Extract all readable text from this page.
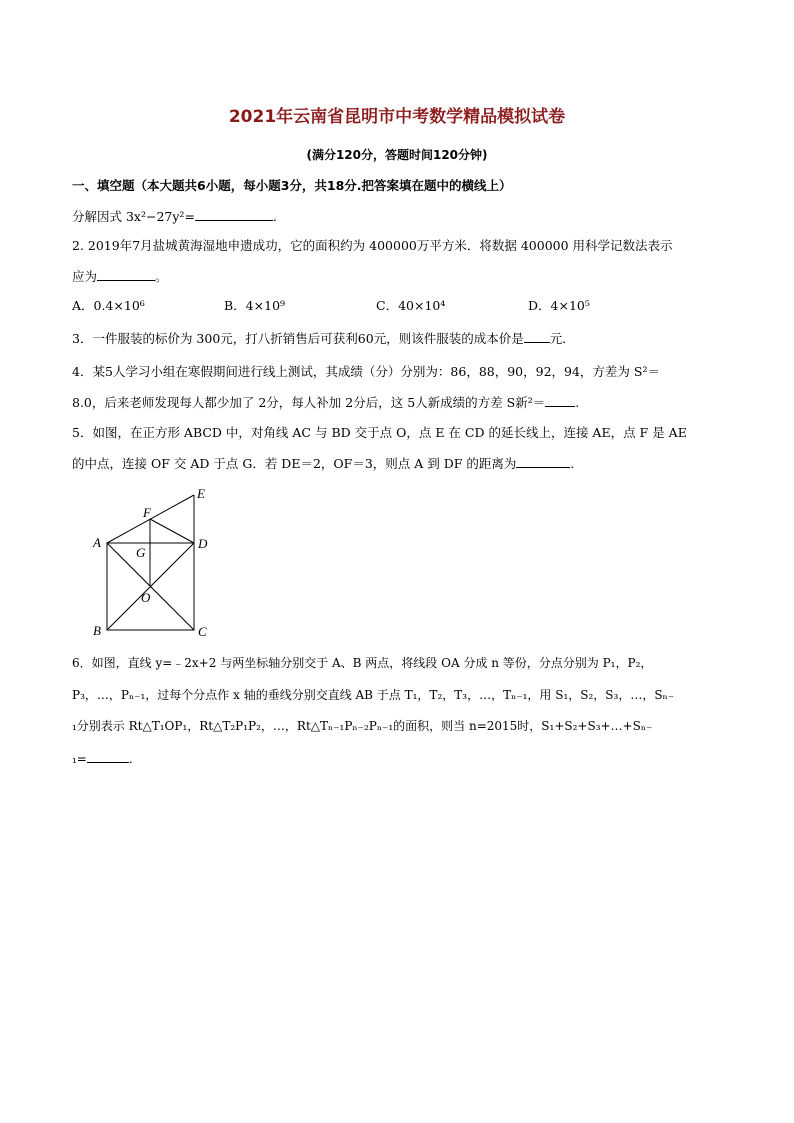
2021年云南省昆明市中考数学精品模拟试卷
(满分120分，答题时间120分钟)
一、填空题（本大题共6小题，每小题3分，共18分.把答案填在题中的横线上）
分解因式 3x²−27y²=	.
2. 2019年7月盐城黄海湿地申遗成功，它的面积约为 400000万平方米．将数据 400000 用科学记数法表示
应为	。
A．0.4×10⁶	B．4×10⁹	C．40×10⁴	D．4×10⁵
3．一件服装的标价为 300元，打八折销售后可获利60元，则该件服装的成本价是 元．
4．某5人学习小组在寒假期间进行线上测试，其成绩（分）分别为：86，88，90，92，94，方差为 S²＝
8.0，后来老师发现每人都少加了 2分，每人补加 2分后，这 5人新成绩的方差 S新²＝ .
5．如图，在正方形 ABCD 中，对角线 AC 与 BD 交于点 O，点 E 在 CD 的延长线上，连接 AE，点 F 是 AE
的中点，连接 OF 交 AD 于点 G．若 DE＝2，OF＝3，则点 A 到 DF 的距离为	.
E
F
A	D
G
O
B	C
6．如图，直线 y=﹣2x+2 与两坐标轴分别交于 A、B 两点，将线段 OA 分成 n 等份，分点分别为 P₁，P₂，
P₃，…，Pₙ₋₁，过每个分点作 x 轴的垂线分别交直线 AB 于点 T₁，T₂，T₃，…，Tₙ₋₁，用 S₁，S₂，S₃，…，Sₙ₋
₁分别表示 Rt△T₁OP₁，Rt△T₂P₁P₂，…，Rt△Tₙ₋₁Pₙ₋₂Pₙ₋₁的面积，则当 n=2015时，S₁+S₂+S₃+…+Sₙ₋
₁=	.
